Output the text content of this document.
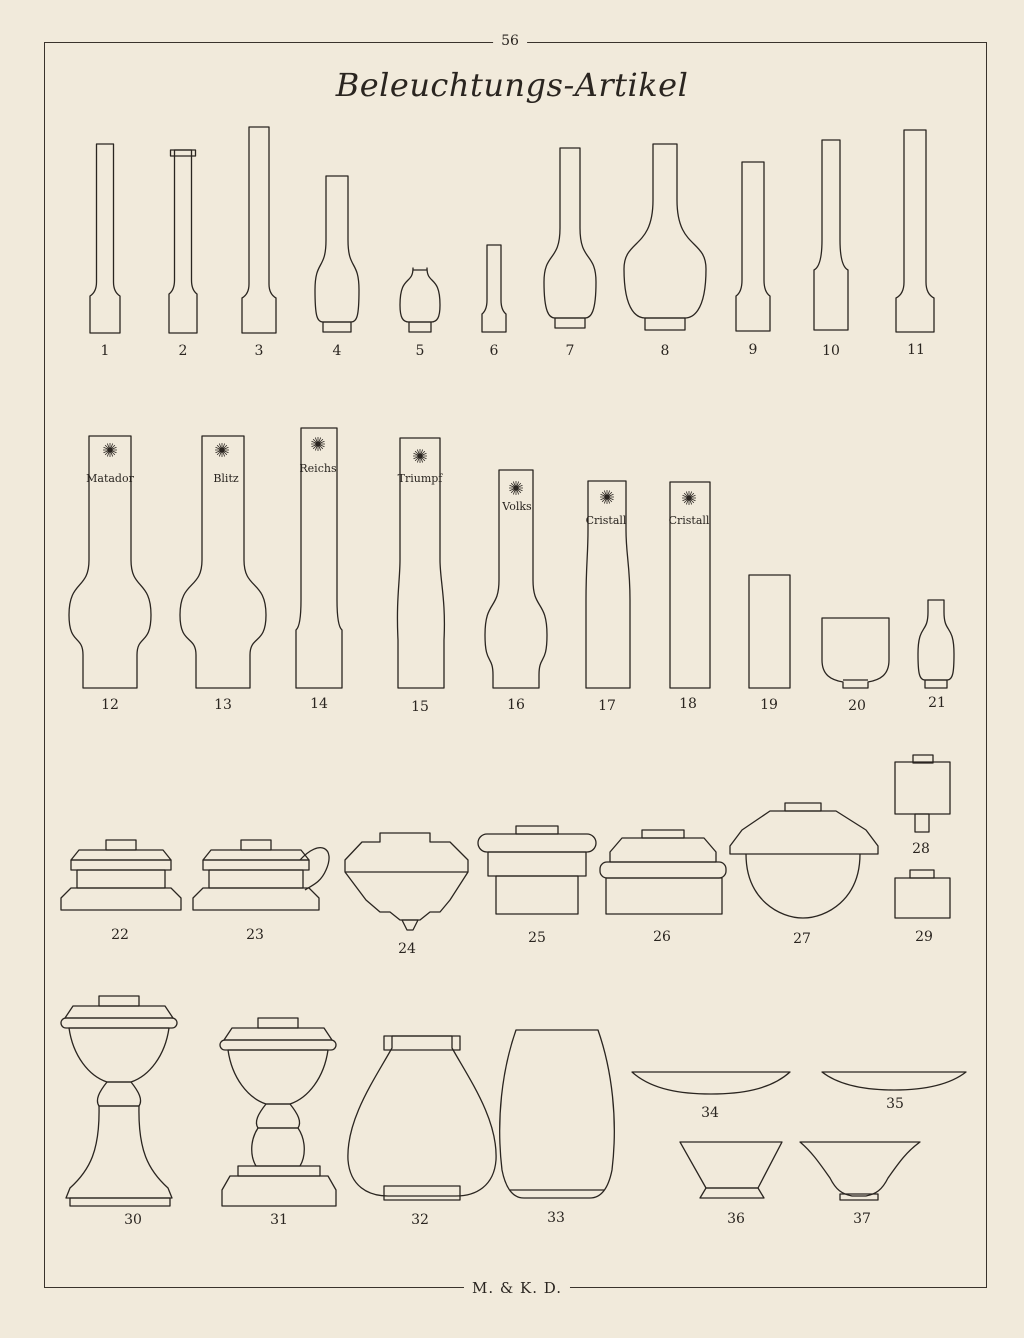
56
Beleuchtungs-Artikel
M. & K. D.
1	2	3	4	5	6	7	8	9	10	11
Matador	Blitz
Reichs
Triumpf
Volks
Cristall	Cristall
12	13	14	15	16	17	18	19	20	21
22	23
24
25	26	27
28
29
30	31	32	33
34
35
36	37
